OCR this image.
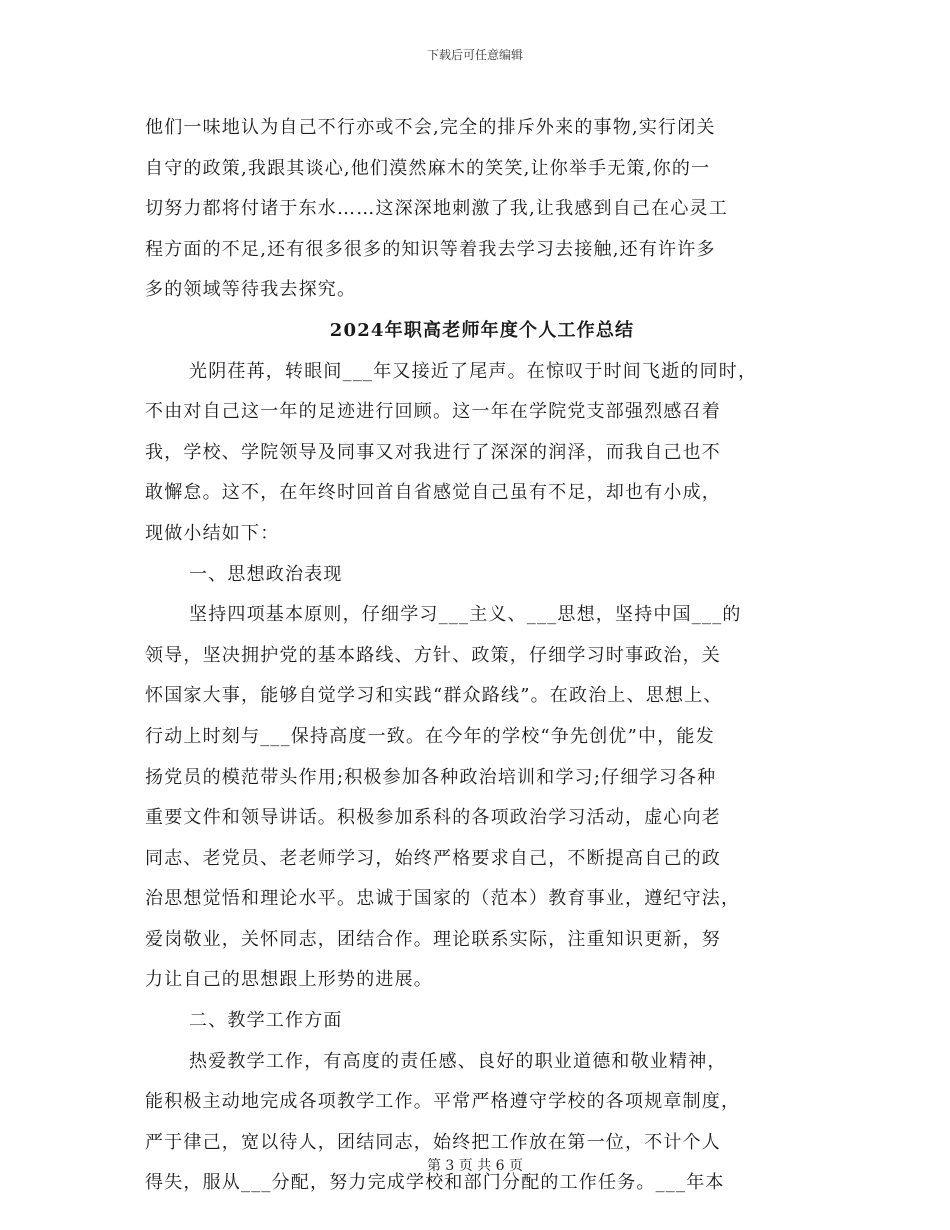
下载后可任意编辑
他们一味地认为自己不行亦或不会,完全的排斥外来的事物,实行闭关
自守的政策,我跟其谈心,他们漠然麻木的笑笑,让你举手无策,你的一
切努力都将付诸于东水……这深深地刺激了我,让我感到自己在心灵工
程方面的不足,还有很多很多的知识等着我去学习去接触,还有许许多
多的领域等待我去探究。
2024年职高老师年度个人工作总结
光阴荏苒，转眼间___年又接近了尾声。在惊叹于时间飞逝的同时，
不由对自己这一年的足迹进行回顾。这一年在学院党支部强烈感召着
我，学校、学院领导及同事又对我进行了深深的润泽，而我自己也不
敢懈怠。这不，在年终时回首自省感觉自己虽有不足，却也有小成，
现做小结如下：
一、思想政治表现
坚持四项基本原则，仔细学习___主义、___思想，坚持中国___的
领导，坚决拥护党的基本路线、方针、政策，仔细学习时事政治，关
怀国家大事，能够自觉学习和实践“群众路线”。在政治上、思想上、
行动上时刻与___保持高度一致。在今年的学校“争先创优”中，能发
扬党员的模范带头作用;积极参加各种政治培训和学习;仔细学习各种
重要文件和领导讲话。积极参加系科的各项政治学习活动，虚心向老
同志、老党员、老老师学习，始终严格要求自己，不断提高自己的政
治思想觉悟和理论水平。忠诚于国家的（范本）教育事业，遵纪守法，
爱岗敬业，关怀同志，团结合作。理论联系实际，注重知识更新，努
力让自己的思想跟上形势的进展。
二、教学工作方面
热爱教学工作，有高度的责任感、良好的职业道德和敬业精神，
能积极主动地完成各项教学工作。平常严格遵守学校的各项规章制度，
严于律己，宽以待人，团结同志，始终把工作放在第一位，不计个人
得失，服从___分配，努力完成学校和部门分配的工作任务。___年本
第 3 页 共 6 页
